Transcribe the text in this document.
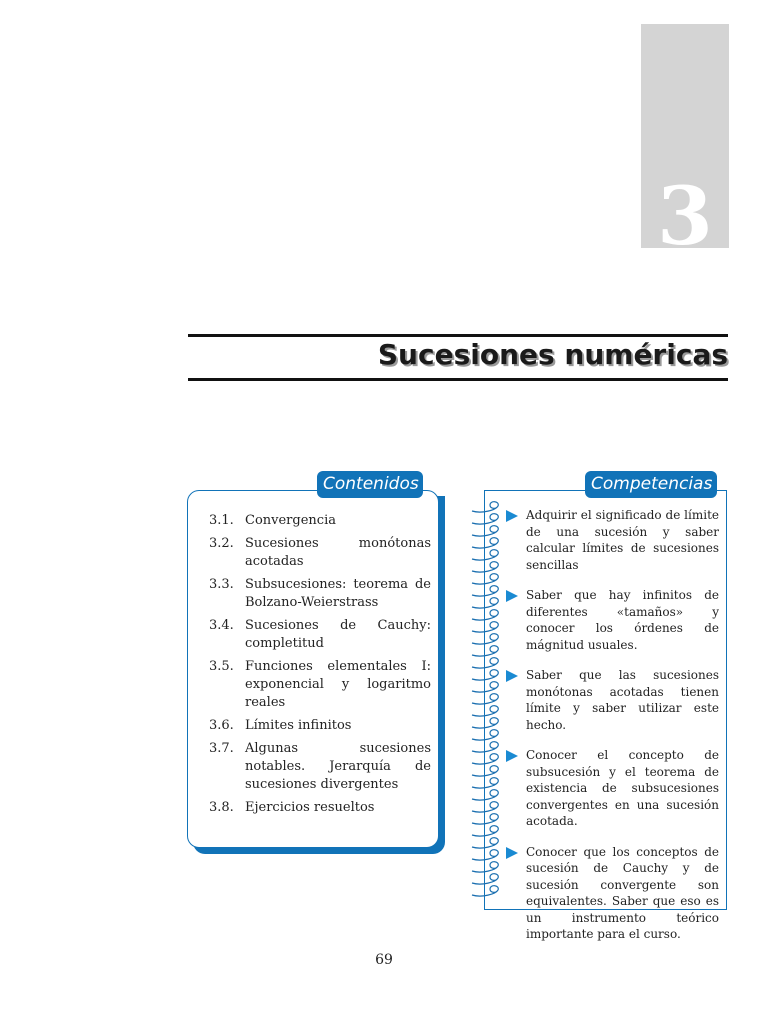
3
Sucesiones numéricas
Contenidos
3.1. Convergencia
3.2. Sucesiones monótonas acotadas
3.3. Subsucesiones: teorema de Bolzano-Weierstrass
3.4. Sucesiones de Cauchy: completitud
3.5. Funciones elementales I: exponencial y logaritmo reales
3.6. Límites infinitos
3.7. Algunas sucesiones notables. Jerarquía de sucesiones divergentes
3.8. Ejercicios resueltos
Competencias
Adquirir el significado de límite de una sucesión y saber calcular límites de sucesiones sencillas
Saber que hay infinitos de diferentes «tamaños» y conocer los órdenes de mágnitud usuales.
Saber que las sucesiones monótonas acotadas tienen límite y saber utilizar este hecho.
Conocer el concepto de subsucesión y el teorema de existencia de subsucesiones convergentes en una sucesión acotada.
Conocer que los conceptos de sucesión de Cauchy y de sucesión convergente son equivalentes. Saber que eso es un instrumento teórico importante para el curso.
69
